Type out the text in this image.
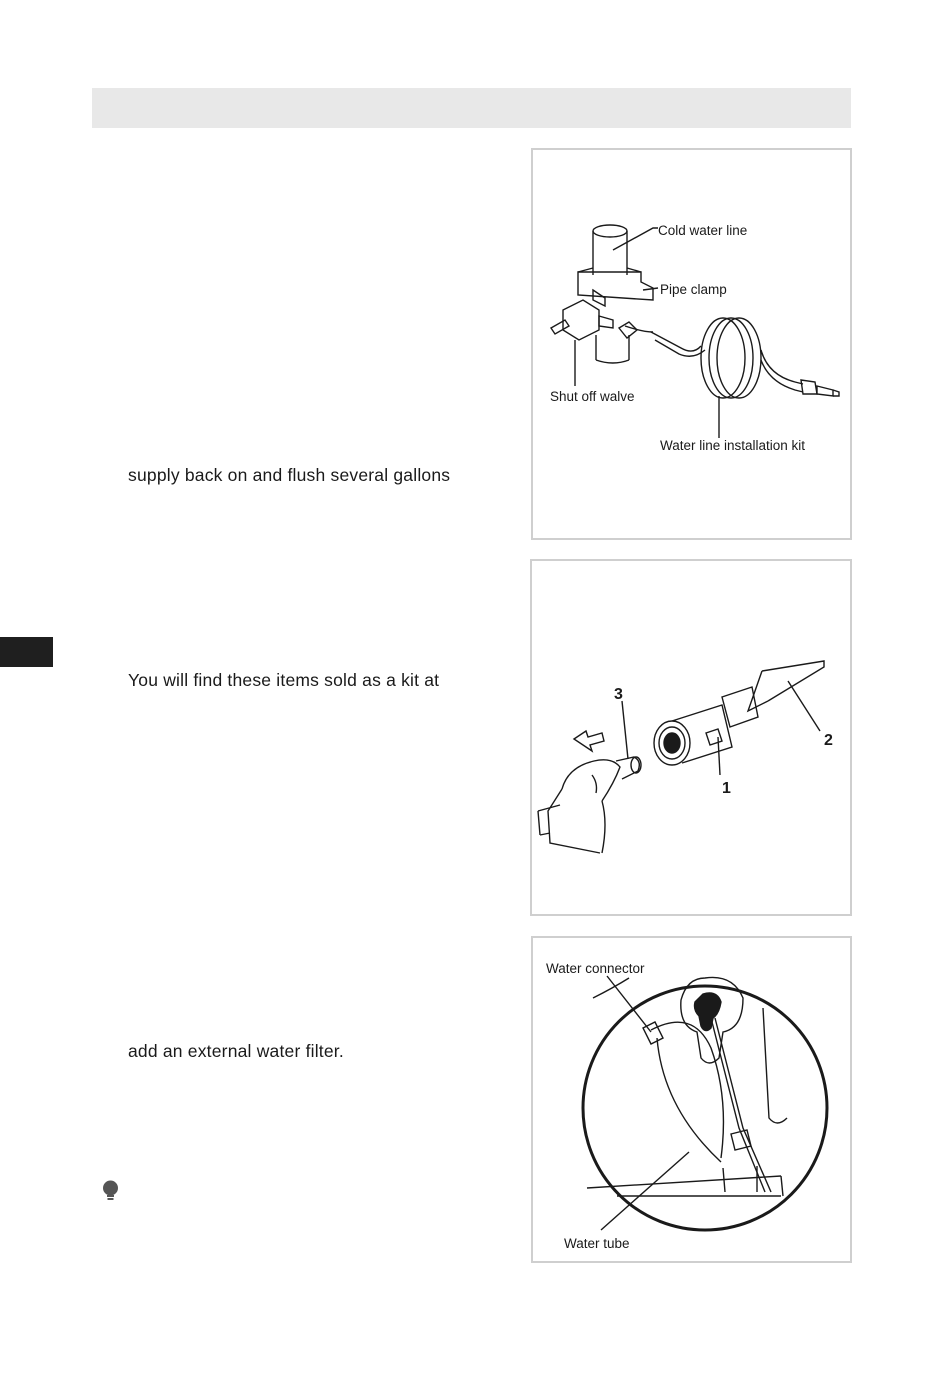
supply back on and flush several gallons
You will find these items sold as a kit at
add an external water filter.
Cold water line
Pipe clamp
Shut off walve
Water line installation kit
3
1
2
Water connector
Water tube
